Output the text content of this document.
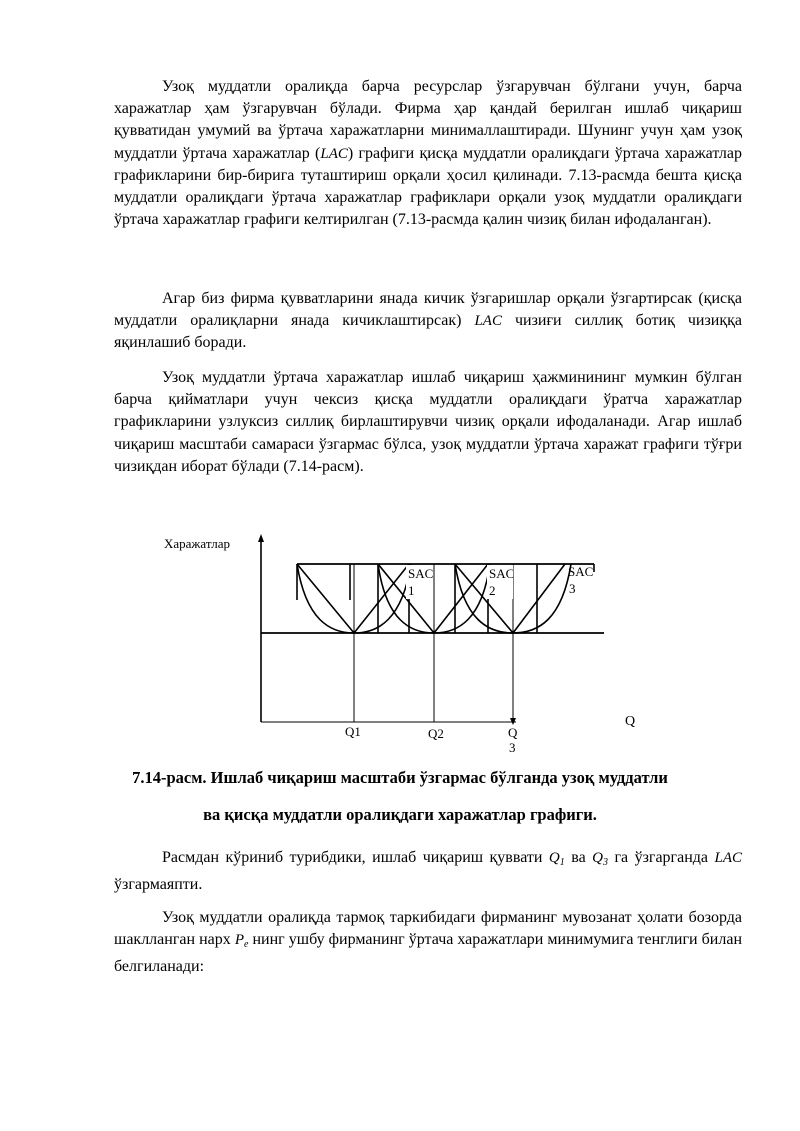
Узоқ муддатли оралиқда барча ресурслар ўзгарувчан бўлгани учун, барча харажатлар ҳам ўзгарувчан бўлади. Фирма ҳар қандай берилган ишлаб чиқариш қувватидан умумий ва ўртача харажатларни минималлаштиради. Шунинг учун ҳам узоқ муддатли ўртача харажатлар (LAC) графиги қисқа муддатли оралиқдаги ўртача харажатлар графикларини бир-бирига туташтириш орқали ҳосил қилинади. 7.13-расмда бешта қисқа муддатли оралиқдаги ўртача харажатлар графиклари орқали узоқ муддатли оралиқдаги ўртача харажатлар графиги келтирилган (7.13-расмда қалин чизиқ билан ифодаланган).

Агар биз фирма қувватларини янада кичик ўзгаришлар орқали ўзгартирсак (қисқа муддатли оралиқларни янада кичиклаштирсак) LAC чизиғи силлиқ ботиқ чизиққа яқинлашиб боради.

Узоқ муддатли ўртача харажатлар ишлаб чиқариш ҳажминининг мумкин бўлган барча қийматлари учун чексиз қисқа муддатли оралиқдаги ўратча харажатлар графикларини узлуксиз силлиқ бирлаштирувчи чизиқ орқали ифодаланади. Агар ишлаб чиқариш масштаби самараси ўзгармас бўлса, узоқ муддатли ўртача харажат графиги тўғри чизиқдан иборат бўлади (7.14-расм).

Харажатлар
Q
Q1	Q2	Q
3
SAC
1
SAC
2
SAC
3

7.14-расм. Ишлаб чиқариш масштаби ўзгармас бўлганда узоқ муддатли

ва қисқа муддатли оралиқдаги харажатлар графиги.

Расмдан кўриниб турибдики, ишлаб чиқариш қуввати $Q_1$ ва $Q_3$ га ўзгарганда LAC ўзгармаяпти.

Узоқ муддатли оралиқда тармоқ таркибидаги фирманинг мувозанат ҳолати бозорда шаклланган нарх $P_e$ нинг ушбу фирманинг ўртача харажатлари минимумига тенглиги билан белгиланади:
